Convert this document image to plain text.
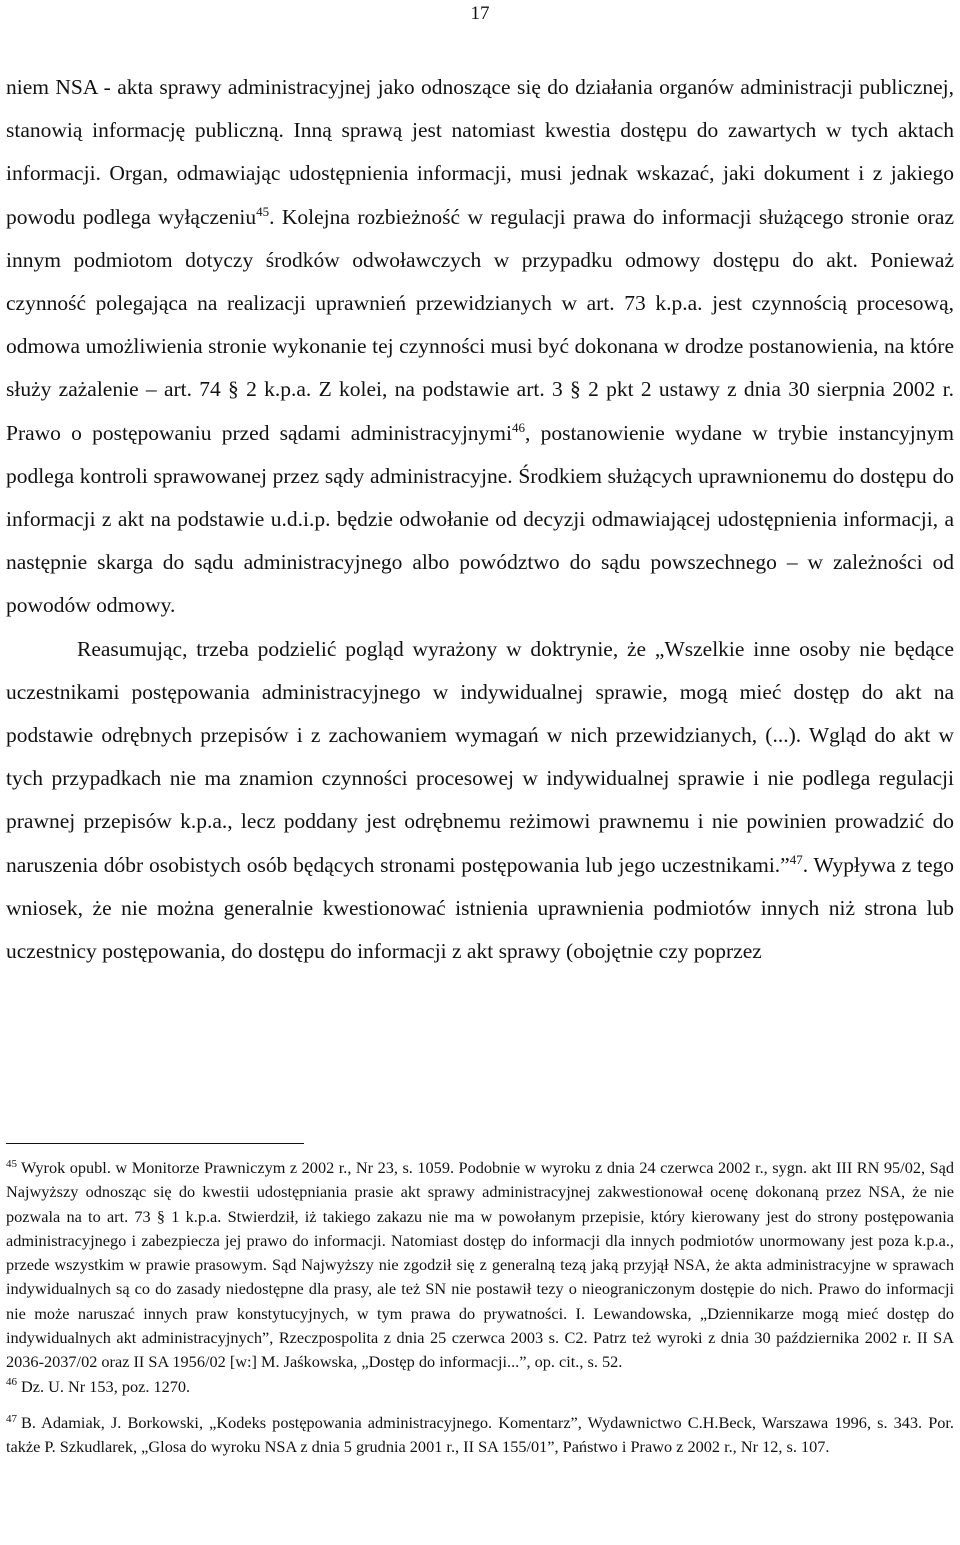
17

niem NSA - akta sprawy administracyjnej jako odnoszące się do działania organów administracji publicznej, stanowią informację publiczną. Inną sprawą jest natomiast kwestia dostępu do zawartych w tych aktach informacji. Organ, odmawiając udostępnienia informacji, musi jednak wskazać, jaki dokument i z jakiego powodu podlega wyłączeniu$^{45}$. Kolejna rozbieżność w regulacji prawa do informacji służącego stronie oraz innym podmiotom dotyczy środków odwoławczych w przypadku odmowy dostępu do akt. Ponieważ czynność polegająca na realizacji uprawnień przewidzianych w art. 73 k.p.a. jest czynnością procesową, odmowa umożliwienia stronie wykonanie tej czynności musi być dokonana w drodze postanowienia, na które służy zażalenie – art. 74 § 2 k.p.a. Z kolei, na podstawie art. 3 § 2 pkt 2 ustawy z dnia 30 sierpnia 2002 r. Prawo o postępowaniu przed sądami administracyjnymi$^{46}$, postanowienie wydane w trybie instancyjnym podlega kontroli sprawowanej przez sądy administracyjne. Środkiem służących uprawnionemu do dostępu do informacji z akt na podstawie u.d.i.p. będzie odwołanie od decyzji odmawiającej udostępnienia informacji, a następnie skarga do sądu administracyjnego albo powództwo do sądu powszechnego – w zależności od powodów odmowy.

Reasumując, trzeba podzielić pogląd wyrażony w doktrynie, że „Wszelkie inne osoby nie będące uczestnikami postępowania administracyjnego w indywidualnej sprawie, mogą mieć dostęp do akt na podstawie odrębnych przepisów i z zachowaniem wymagań w nich przewidzianych, (...). Wgląd do akt w tych przypadkach nie ma znamion czynności procesowej w indywidualnej sprawie i nie podlega regulacji prawnej przepisów k.p.a., lecz poddany jest odrębnemu reżimowi prawnemu i nie powinien prowadzić do naruszenia dóbr osobistych osób będących stronami postępowania lub jego uczestnikami.”$^{47}$. Wypływa z tego wniosek, że nie można generalnie kwestionować istnienia uprawnienia podmiotów innych niż strona lub uczestnicy postępowania, do dostępu do informacji z akt sprawy (obojętnie czy poprzez

$^{45}$ Wyrok opubl. w Monitorze Prawniczym z 2002 r., Nr 23, s. 1059. Podobnie w wyroku z dnia 24 czerwca 2002 r., sygn. akt III RN 95/02, Sąd Najwyższy odnosząc się do kwestii udostępniania prasie akt sprawy administracyjnej zakwestionował ocenę dokonaną przez NSA, że nie pozwala na to art. 73 § 1 k.p.a. Stwierdził, iż takiego zakazu nie ma w powołanym przepisie, który kierowany jest do strony postępowania administracyjnego i zabezpiecza jej prawo do informacji. Natomiast dostęp do informacji dla innych podmiotów unormowany jest poza k.p.a., przede wszystkim w prawie prasowym. Sąd Najwyższy nie zgodził się z generalną tezą jaką przyjął NSA, że akta administracyjne w sprawach indywidualnych są co do zasady niedostępne dla prasy, ale też SN nie postawił tezy o nieograniczonym dostępie do nich. Prawo do informacji nie może naruszać innych praw konstytucyjnych, w tym prawa do prywatności. I. Lewandowska, „Dziennikarze mogą mieć dostęp do indywidualnych akt administracyjnych”, Rzeczpospolita z dnia 25 czerwca 2003 s. C2. Patrz też wyroki z dnia 30 października 2002 r. II SA 2036-2037/02 oraz II SA 1956/02 [w:] M. Jaśkowska, „Dostęp do informacji...”, op. cit., s. 52.

$^{46}$ Dz. U. Nr 153, poz. 1270.

$^{47}$ B. Adamiak, J. Borkowski, „Kodeks postępowania administracyjnego. Komentarz”, Wydawnictwo C.H.Beck, Warszawa 1996, s. 343. Por. także P. Szkudlarek, „Glosa do wyroku NSA z dnia 5 grudnia 2001 r., II SA 155/01”, Państwo i Prawo z 2002 r., Nr 12, s. 107.
